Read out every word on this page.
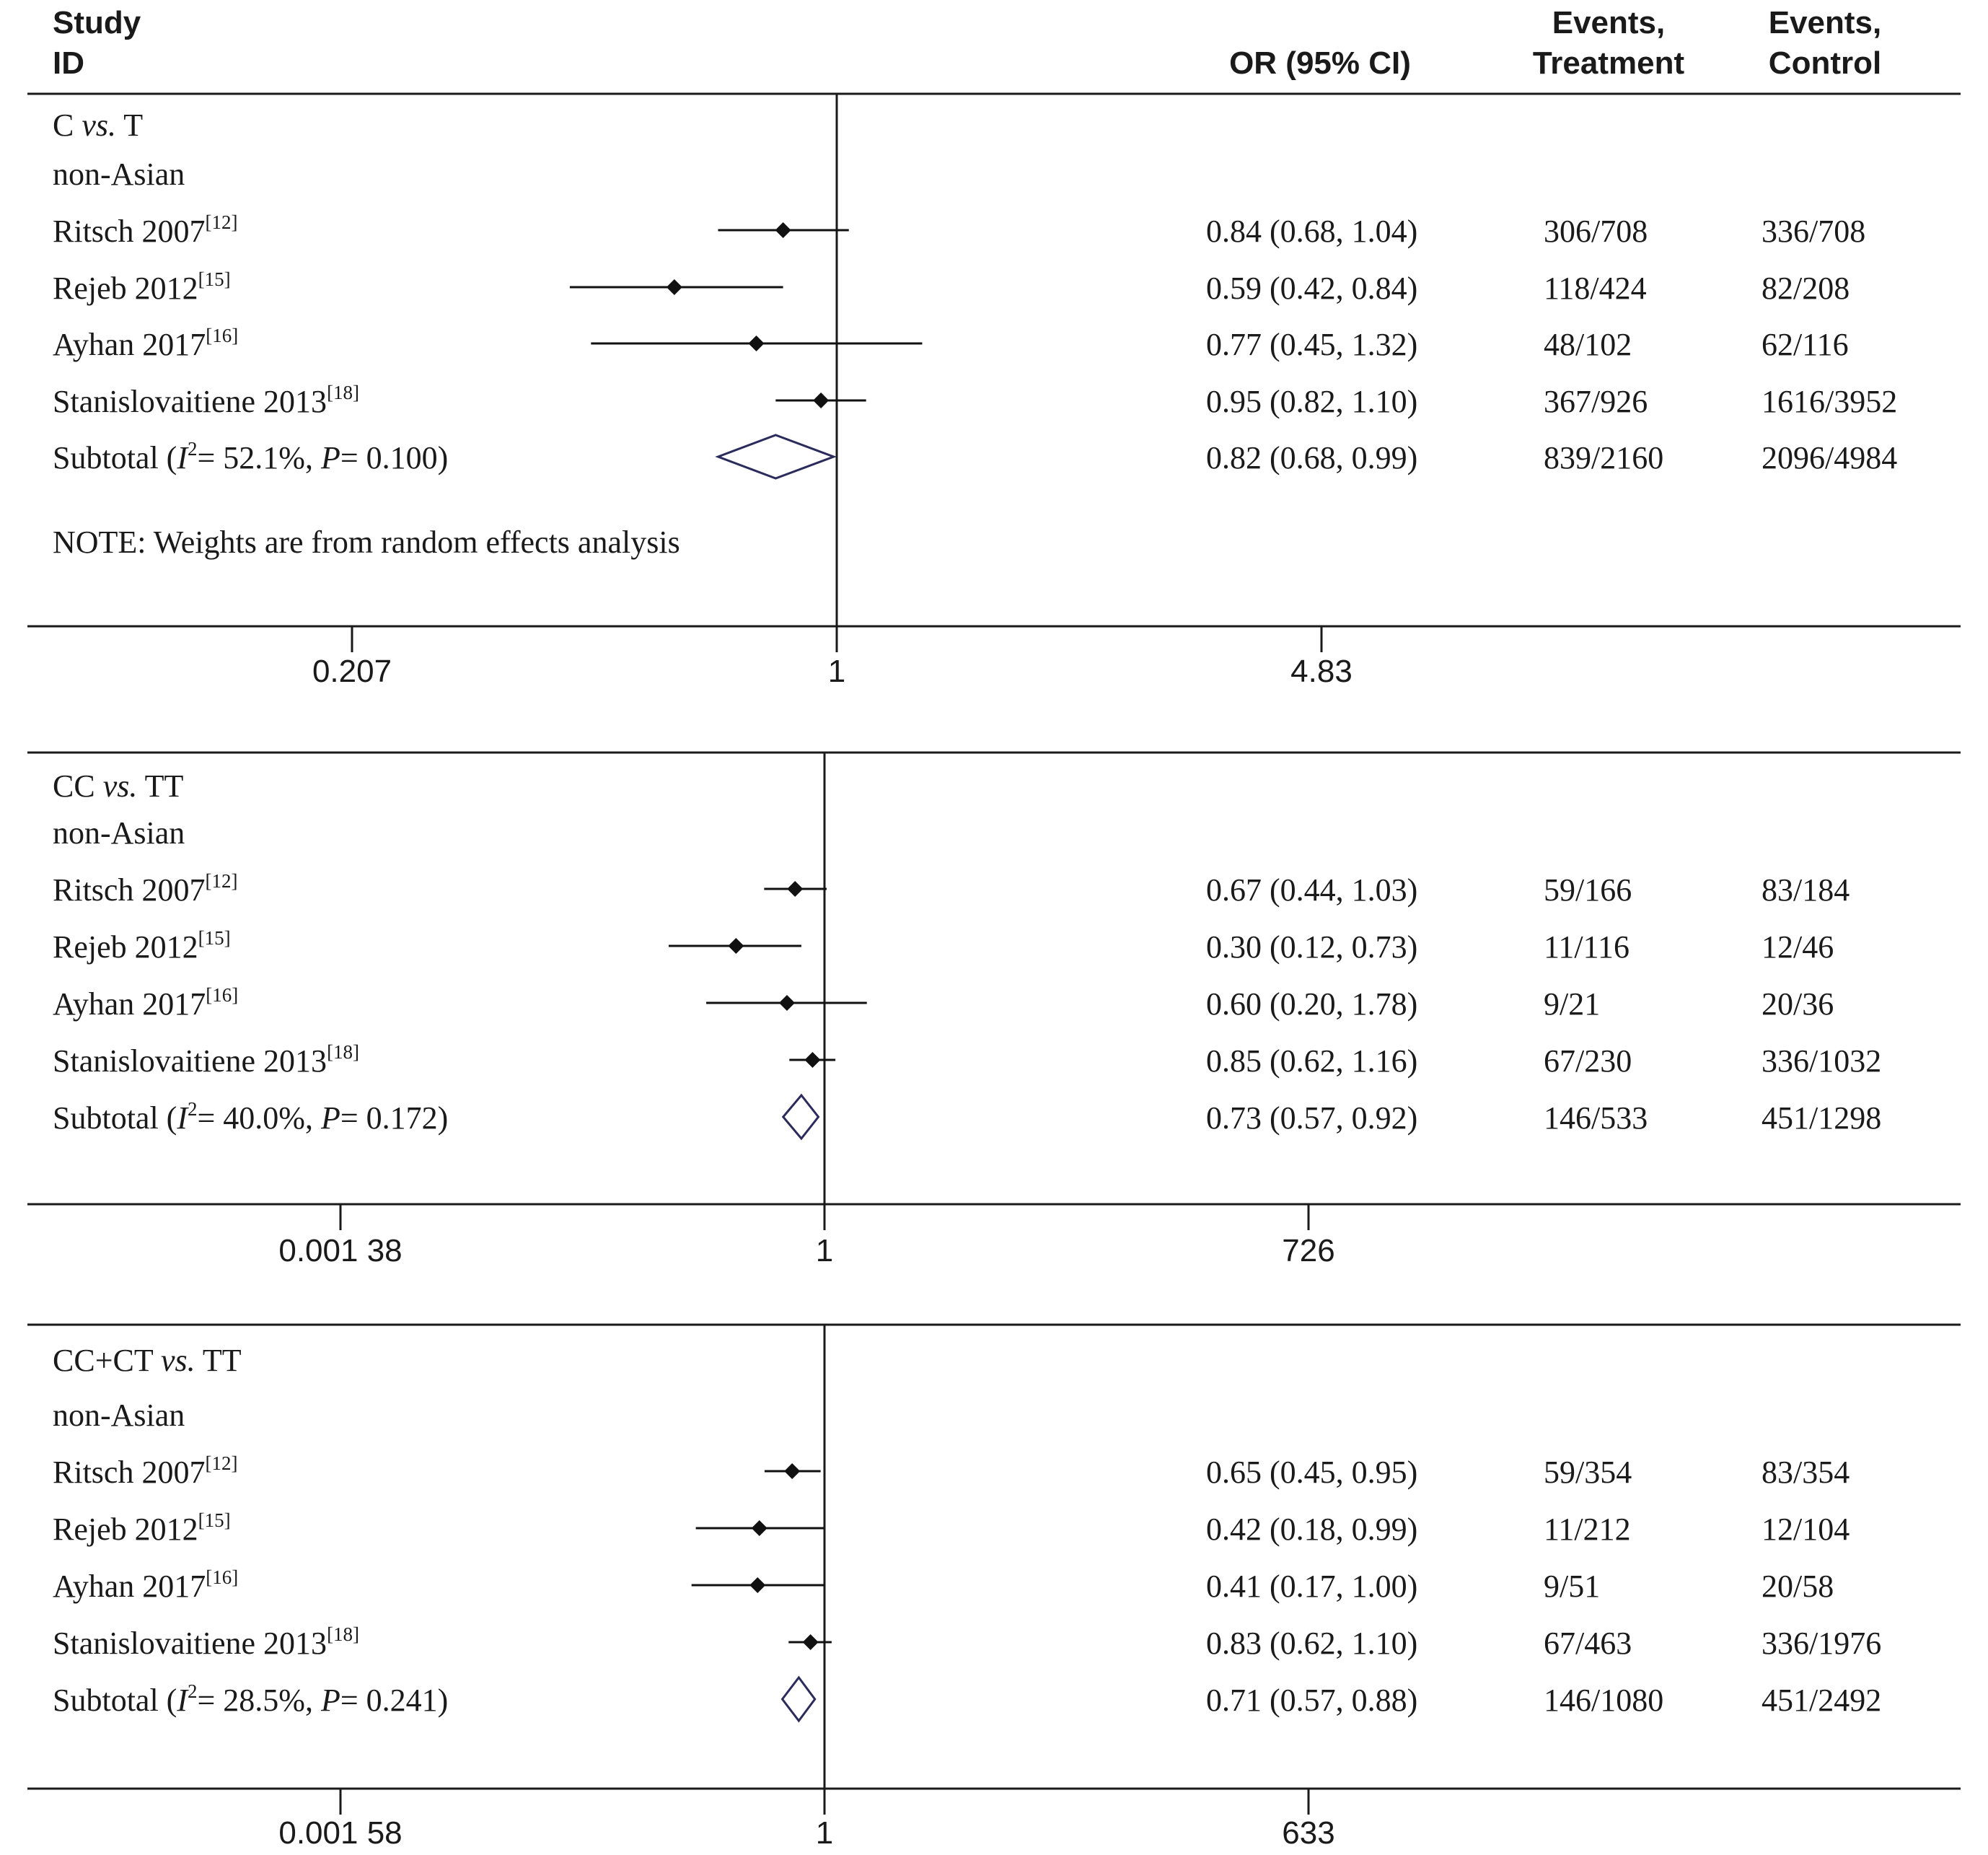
Study
ID	OR (95% CI)
Events,
Treatment
Events,
Control
0.207	1	4.83
C vs. T
non-Asian
Ritsch 2007[12]	0.84 (0.68, 1.04)	306/708	336/708
Rejeb 2012[15]	0.59 (0.42, 0.84)	118/424	82/208
Ayhan 2017[16]	0.77 (0.45, 1.32)	48/102	62/116
Stanislovaitiene 2013[18]	0.95 (0.82, 1.10)	367/926	1616/3952
Subtotal ($I^2= 52.1\%$, P= 0.100)	0.82 (0.68, 0.99)	839/2160	2096/4984
NOTE: Weights are from random effects analysis
0.001 38	1	726
CC vs. TT
non-Asian
Ritsch 2007[12]	0.67 (0.44, 1.03)	59/166	83/184
Rejeb 2012[15]	0.30 (0.12, 0.73)	11/116	12/46
Ayhan 2017[16]	0.60 (0.20, 1.78)	9/21	20/36
Stanislovaitiene 2013[18]	0.85 (0.62, 1.16)	67/230	336/1032
Subtotal ($I^2= 40.0\%$, P= 0.172)	0.73 (0.57, 0.92)	146/533	451/1298
0.001 58	1	633
CC+CT vs. TT
non-Asian
Ritsch 2007[12]	0.65 (0.45, 0.95)	59/354	83/354
Rejeb 2012[15]	0.42 (0.18, 0.99)	11/212	12/104
Ayhan 2017[16]	0.41 (0.17, 1.00)	9/51	20/58
Stanislovaitiene 2013[18]	0.83 (0.62, 1.10)	67/463	336/1976
Subtotal ($I^2= 28.5\%$, P= 0.241)	0.71 (0.57, 0.88)	146/1080	451/2492
